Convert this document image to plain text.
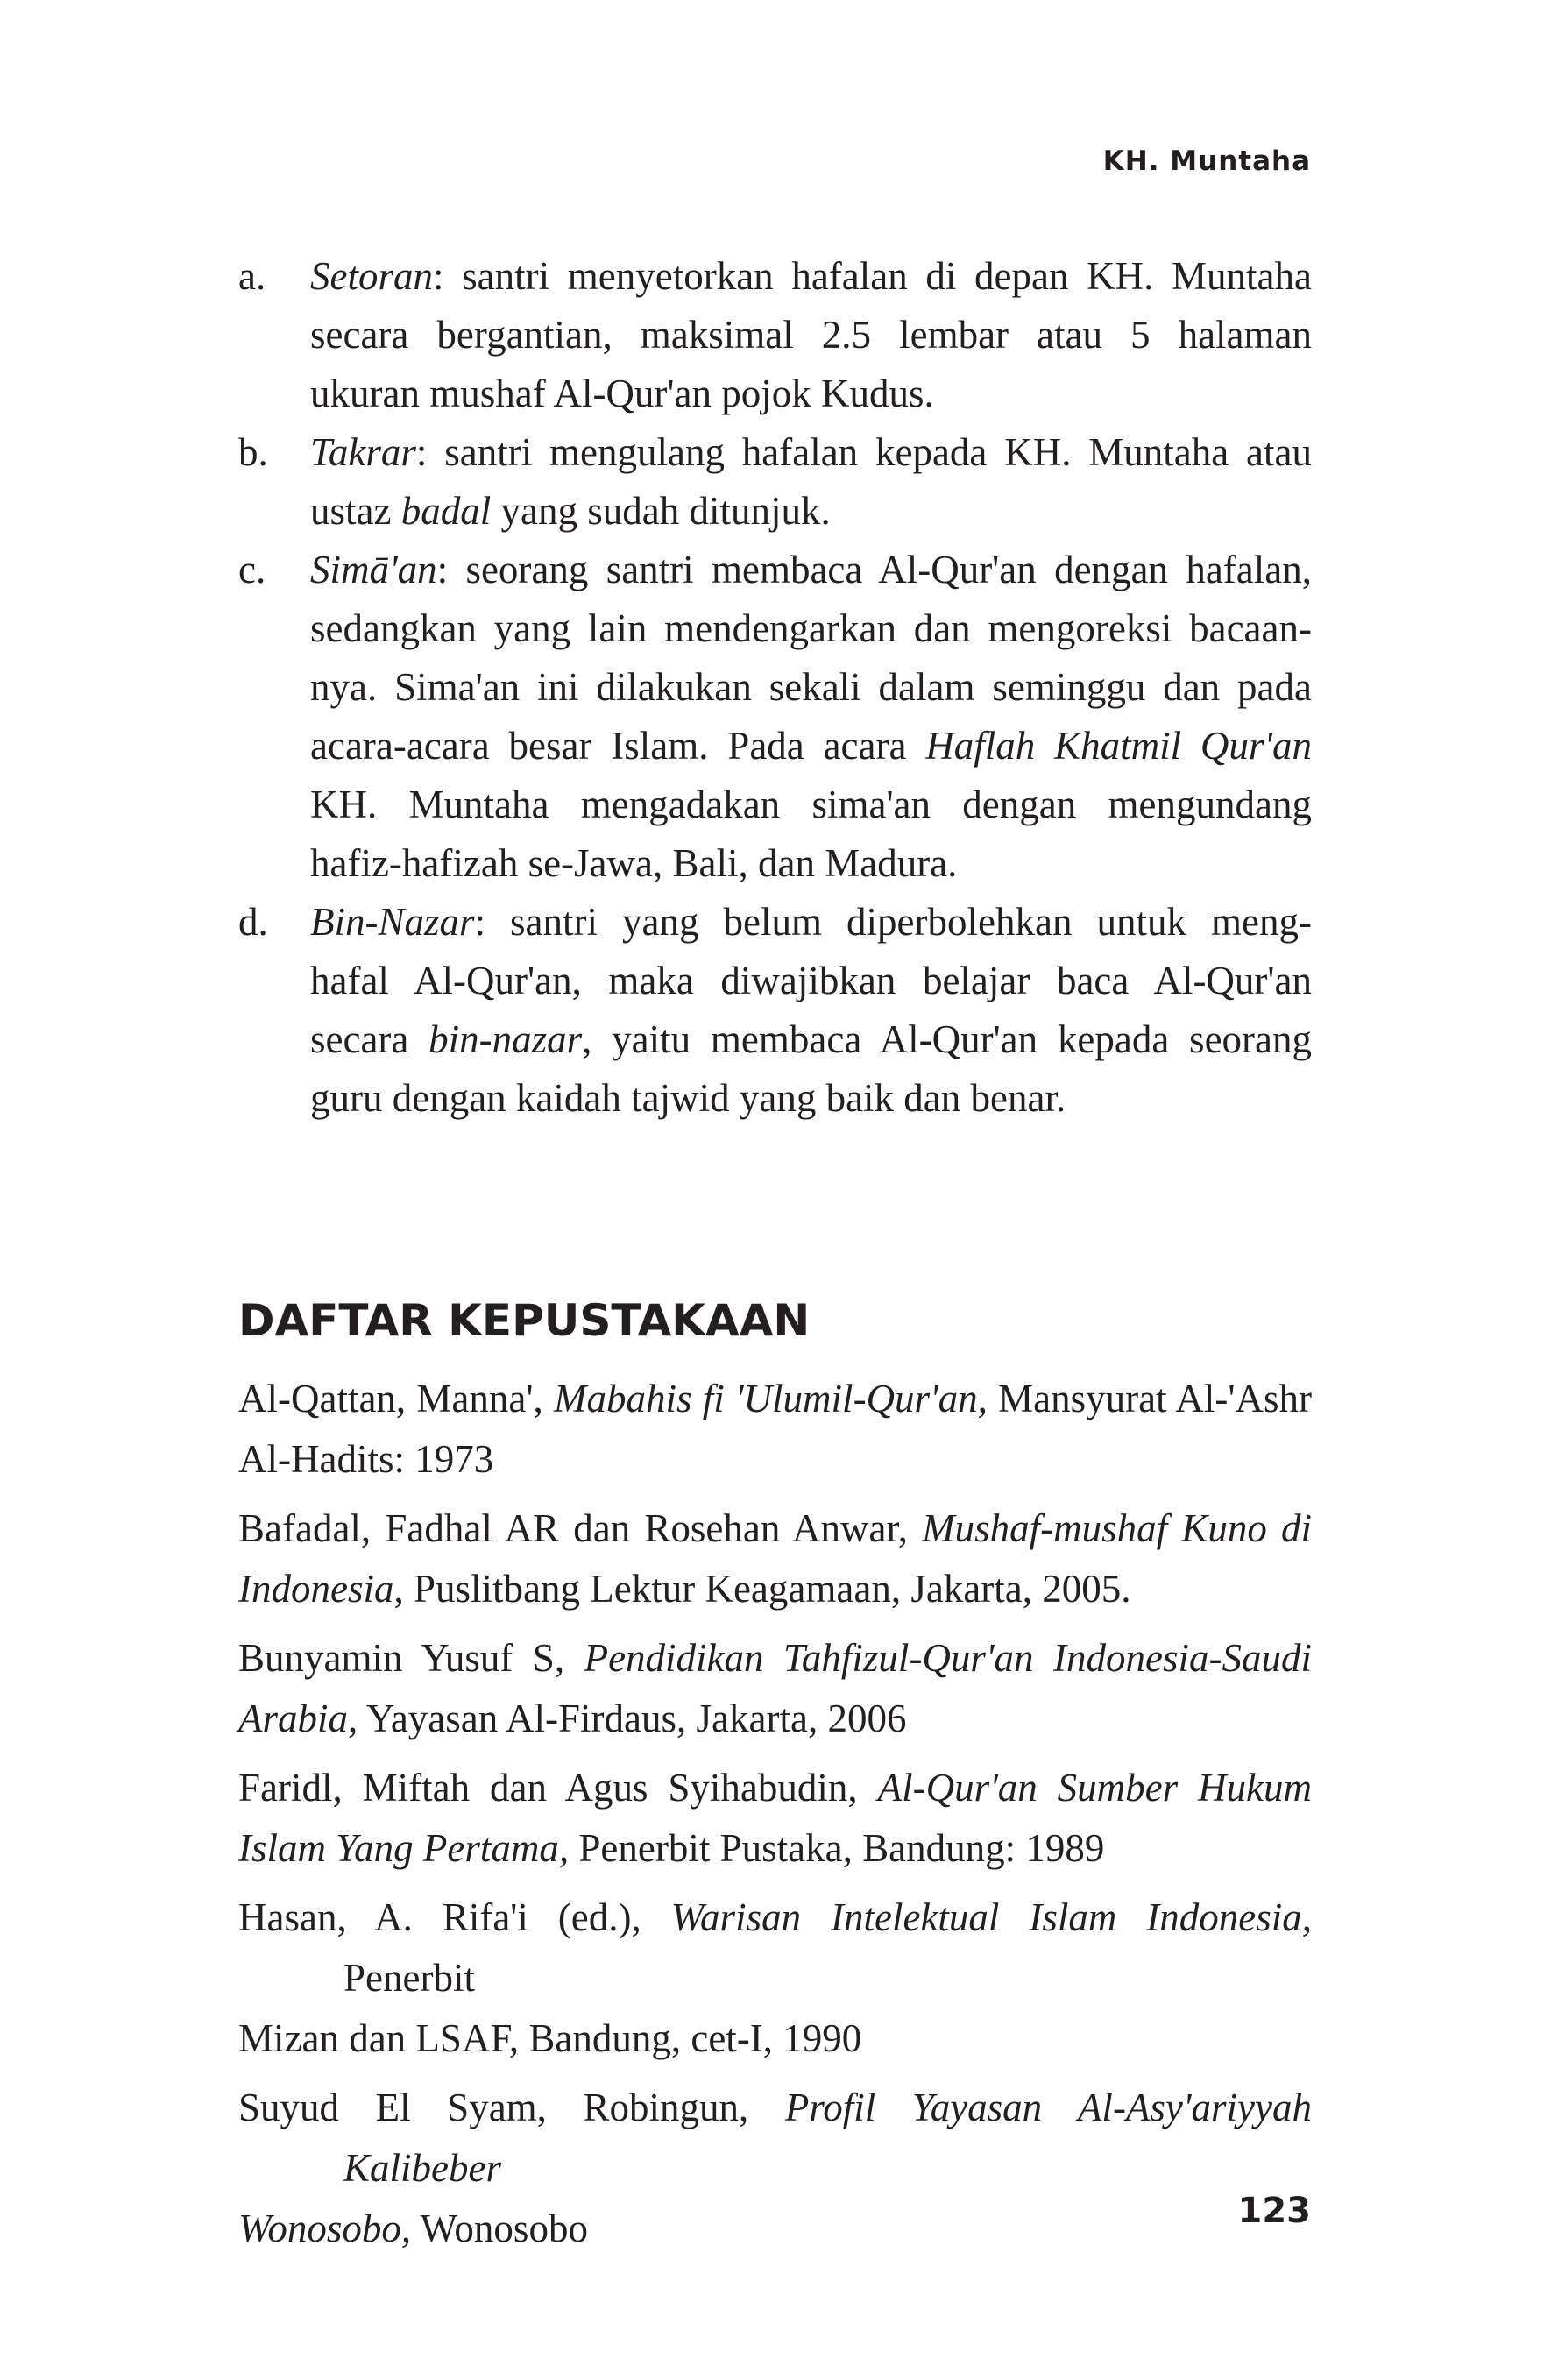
KH. Muntaha
a.	Setoran: santri menyetorkan hafalan di depan KH. Muntaha
secara bergantian, maksimal 2.5 lembar atau 5 halaman
ukuran mushaf Al-Qur'an pojok Kudus.
b.	Takrar: santri mengulang hafalan kepada KH. Muntaha atau
ustaz badal yang sudah ditunjuk.
c.	Simā'an: seorang santri membaca Al-Qur'an dengan hafalan,
sedangkan yang lain mendengarkan dan mengoreksi bacaan-
nya. Sima'an ini dilakukan sekali dalam seminggu dan pada
acara-acara besar Islam. Pada acara Haflah Khatmil Qur'an
KH. Muntaha mengadakan sima'an dengan mengundang
hafiz-hafizah se-Jawa, Bali, dan Madura.
d.	Bin-Nazar: santri yang belum diperbolehkan untuk meng-
hafal Al-Qur'an, maka diwajibkan belajar baca Al-Qur'an
secara bin-nazar, yaitu membaca Al-Qur'an kepada seorang
guru dengan kaidah tajwid yang baik dan benar.
DAFTAR KEPUSTAKAAN
Al-Qattan, Manna', Mabahis fi 'Ulumil-Qur'an, Mansyurat Al-'Ashr
Al-Hadits: 1973
Bafadal, Fadhal AR dan Rosehan Anwar, Mushaf-mushaf Kuno di
Indonesia, Puslitbang Lektur Keagamaan, Jakarta, 2005.
Bunyamin Yusuf S, Pendidikan Tahfizul-Qur'an Indonesia-Saudi
Arabia, Yayasan Al-Firdaus, Jakarta, 2006
Faridl, Miftah dan Agus Syihabudin, Al-Qur'an Sumber Hukum
Islam Yang Pertama, Penerbit Pustaka, Bandung: 1989
Hasan, A. Rifa'i (ed.), Warisan Intelektual Islam Indonesia, Penerbit
Mizan dan LSAF, Bandung, cet-I, 1990
Suyud El Syam, Robingun, Profil Yayasan Al-Asy'ariyyah Kalibeber
Wonosobo, Wonosobo	123
